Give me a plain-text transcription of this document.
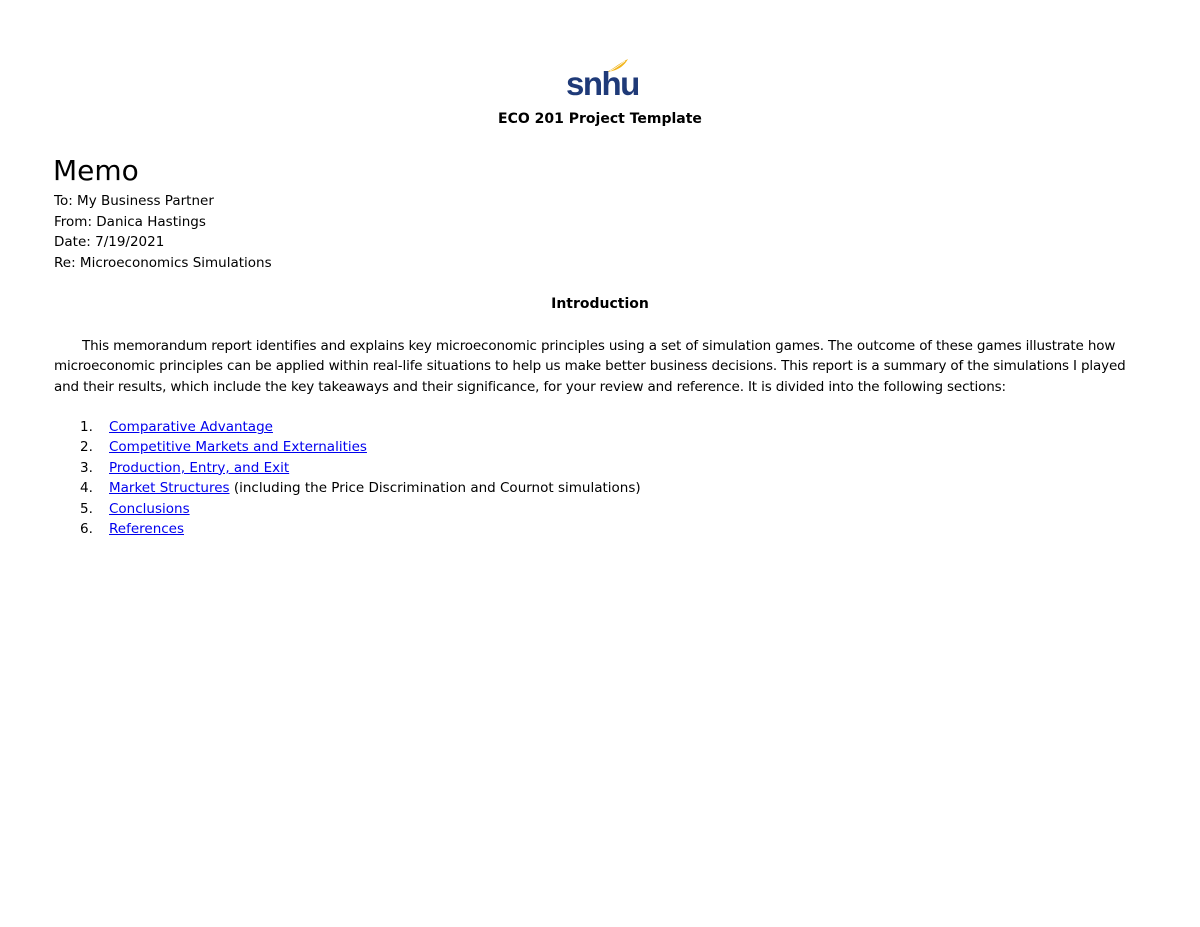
snhu
ECO 201 Project Template
Memo
To: My Business Partner
From: Danica Hastings
Date: 7/19/2021
Re: Microeconomics Simulations
Introduction

This memorandum report identifies and explains key microeconomic principles using a set of simulation games. The outcome of these games illustrate how microeconomic principles can be applied within real-life situations to help us make better business decisions. This report is a summary of the simulations I played and their results, which include the key takeaways and their significance, for your review and reference. It is divided into the following sections:

1. Comparative Advantage
2. Competitive Markets and Externalities
3. Production, Entry, and Exit
4. Market Structures (including the Price Discrimination and Cournot simulations)
5. Conclusions
6. References
